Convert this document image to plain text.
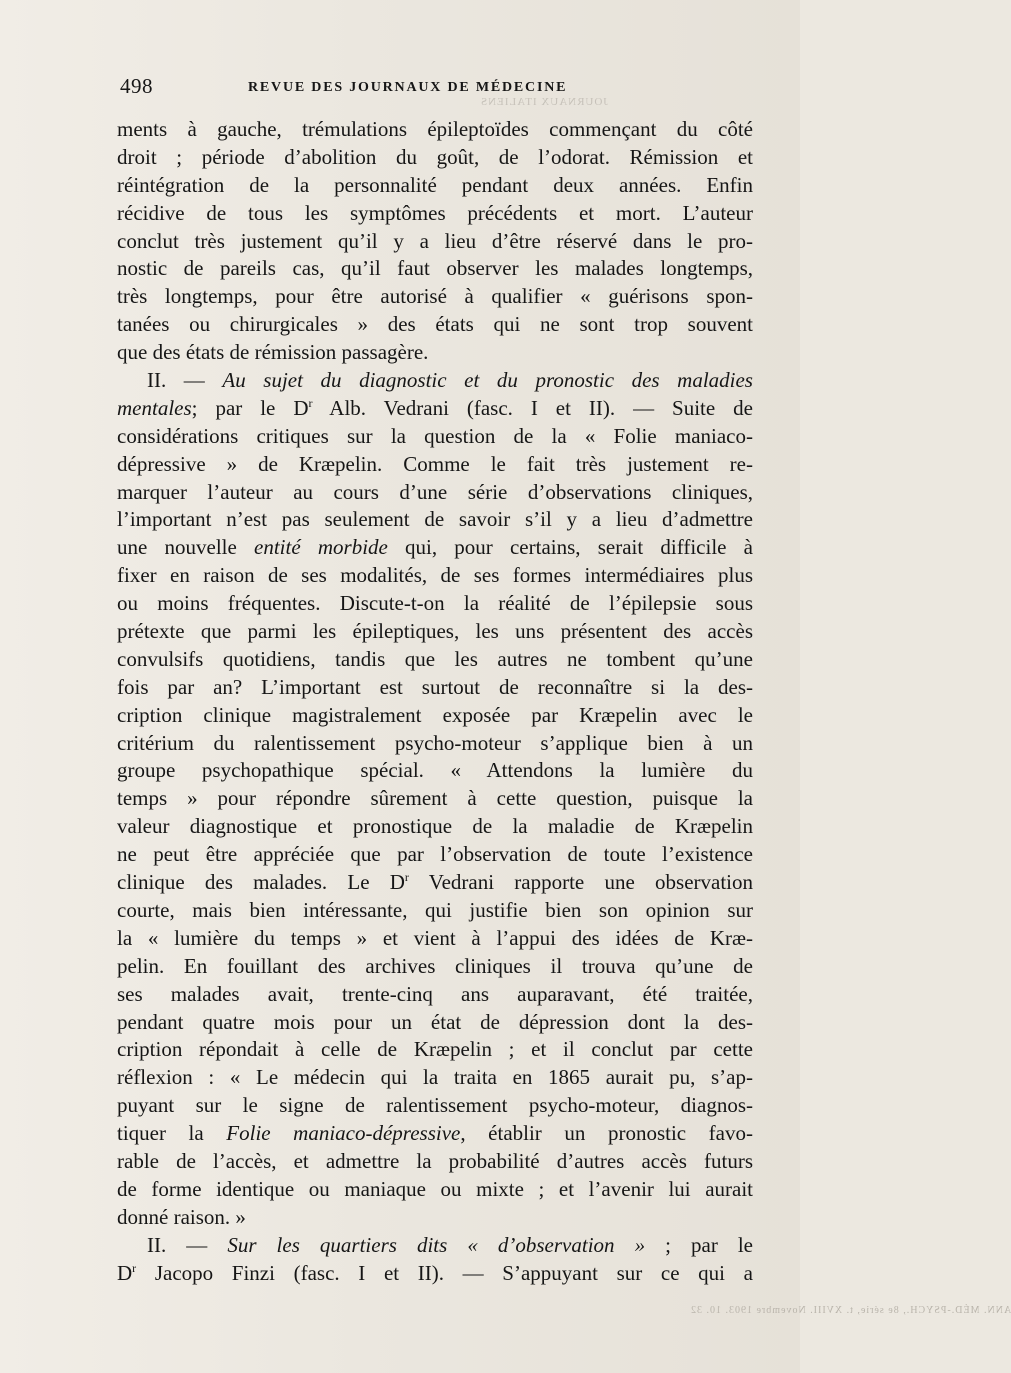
JOURNAUX ITALIENS
498	REVUE DES JOURNAUX DE MÉDECINE
ments à gauche, trémulations épileptoïdes commençant du côté
droit ; période d’abolition du goût, de l’odorat. Rémission et
réintégration de la personnalité pendant deux années. Enfin
récidive de tous les symptômes précédents et mort. L’auteur
conclut très justement qu’il y a lieu d’être réservé dans le pro-
nostic de pareils cas, qu’il faut observer les malades longtemps,
très longtemps, pour être autorisé à qualifier « guérisons spon-
tanées ou chirurgicales » des états qui ne sont trop souvent
que des états de rémission passagère.
II. — Au sujet du diagnostic et du pronostic des maladies
mentales; par le $D^r$ Alb. Vedrani (fasc. I et II). — Suite de
considérations critiques sur la question de la « Folie maniaco-
dépressive » de Kræpelin. Comme le fait très justement re-
marquer l’auteur au cours d’une série d’observations cliniques,
l’important n’est pas seulement de savoir s’il y a lieu d’admettre
une nouvelle entité morbide qui, pour certains, serait difficile à
fixer en raison de ses modalités, de ses formes intermédiaires plus
ou moins fréquentes. Discute-t-on la réalité de l’épilepsie sous
prétexte que parmi les épileptiques, les uns présentent des accès
convulsifs quotidiens, tandis que les autres ne tombent qu’une
fois par an? L’important est surtout de reconnaître si la des-
cription clinique magistralement exposée par Kræpelin avec le
critérium du ralentissement psycho-moteur s’applique bien à un
groupe psychopathique spécial. « Attendons la lumière du
temps » pour répondre sûrement à cette question, puisque la
valeur diagnostique et pronostique de la maladie de Kræpelin
ne peut être appréciée que par l’observation de toute l’existence
clinique des malades. Le $D^r$ Vedrani rapporte une observation
courte, mais bien intéressante, qui justifie bien son opinion sur
la « lumière du temps » et vient à l’appui des idées de Kræ-
pelin. En fouillant des archives cliniques il trouva qu’une de
ses malades avait, trente-cinq ans auparavant, été traitée,
pendant quatre mois pour un état de dépression dont la des-
cription répondait à celle de Kræpelin ; et il conclut par cette
réflexion : « Le médecin qui la traita en 1865 aurait pu, s’ap-
puyant sur le signe de ralentissement psycho-moteur, diagnos-
tiquer la Folie maniaco-dépressive, établir un pronostic favo-
rable de l’accès, et admettre la probabilité d’autres accès futurs
de forme identique ou maniaque ou mixte ; et l’avenir lui aurait
donné raison. »
II. — Sur les quartiers dits « d’observation » ; par le
$D^r$ Jacopo Finzi (fasc. I et II). — S’appuyant sur ce qui a
ANN. MÉD.-PSYCH., 8e série, t. XVIII. Novembre 1903. 10. 32
